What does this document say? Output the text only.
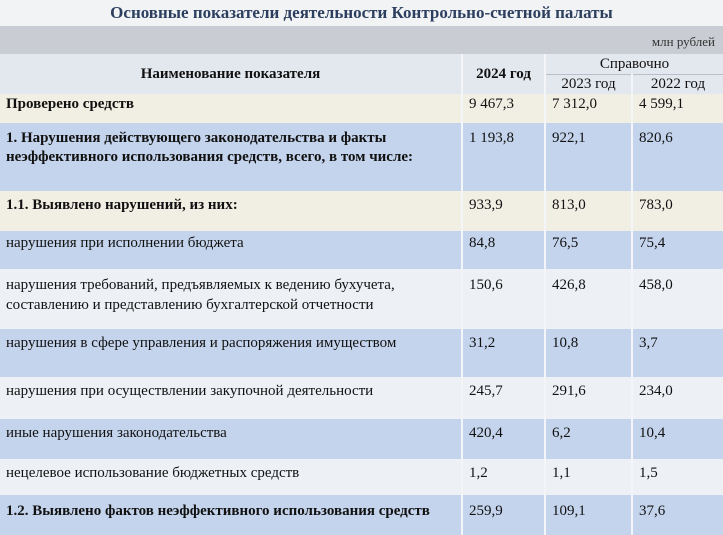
Основные показатели деятельности Контрольно-счетной палаты
млн рублей
Наименование показателя	2024 год	Справочно	
		2023 год	2022 год
Проверено средств	9 467,3	7 312,0	4 599,1
1. Нарушения действующего законодательства и факты неэффективного использования средств, всего, в том числе:	1 193,8	922,1	820,6
1.1. Выявлено нарушений, из них:	933,9	813,0	783,0
нарушения при исполнении бюджета	84,8	76,5	75,4
нарушения требований, предъявляемых к ведению бухучета, составлению и представлению бухгалтерской отчетности	150,6	426,8	458,0
нарушения в сфере управления и распоряжения имуществом	31,2	10,8	3,7
нарушения при осуществлении закупочной деятельности	245,7	291,6	234,0
иные нарушения законодательства	420,4	6,2	10,4
нецелевое использование бюджетных средств	1,2	1,1	1,5
1.2. Выявлено фактов неэффективного использования средств	259,9	109,1	37,6
